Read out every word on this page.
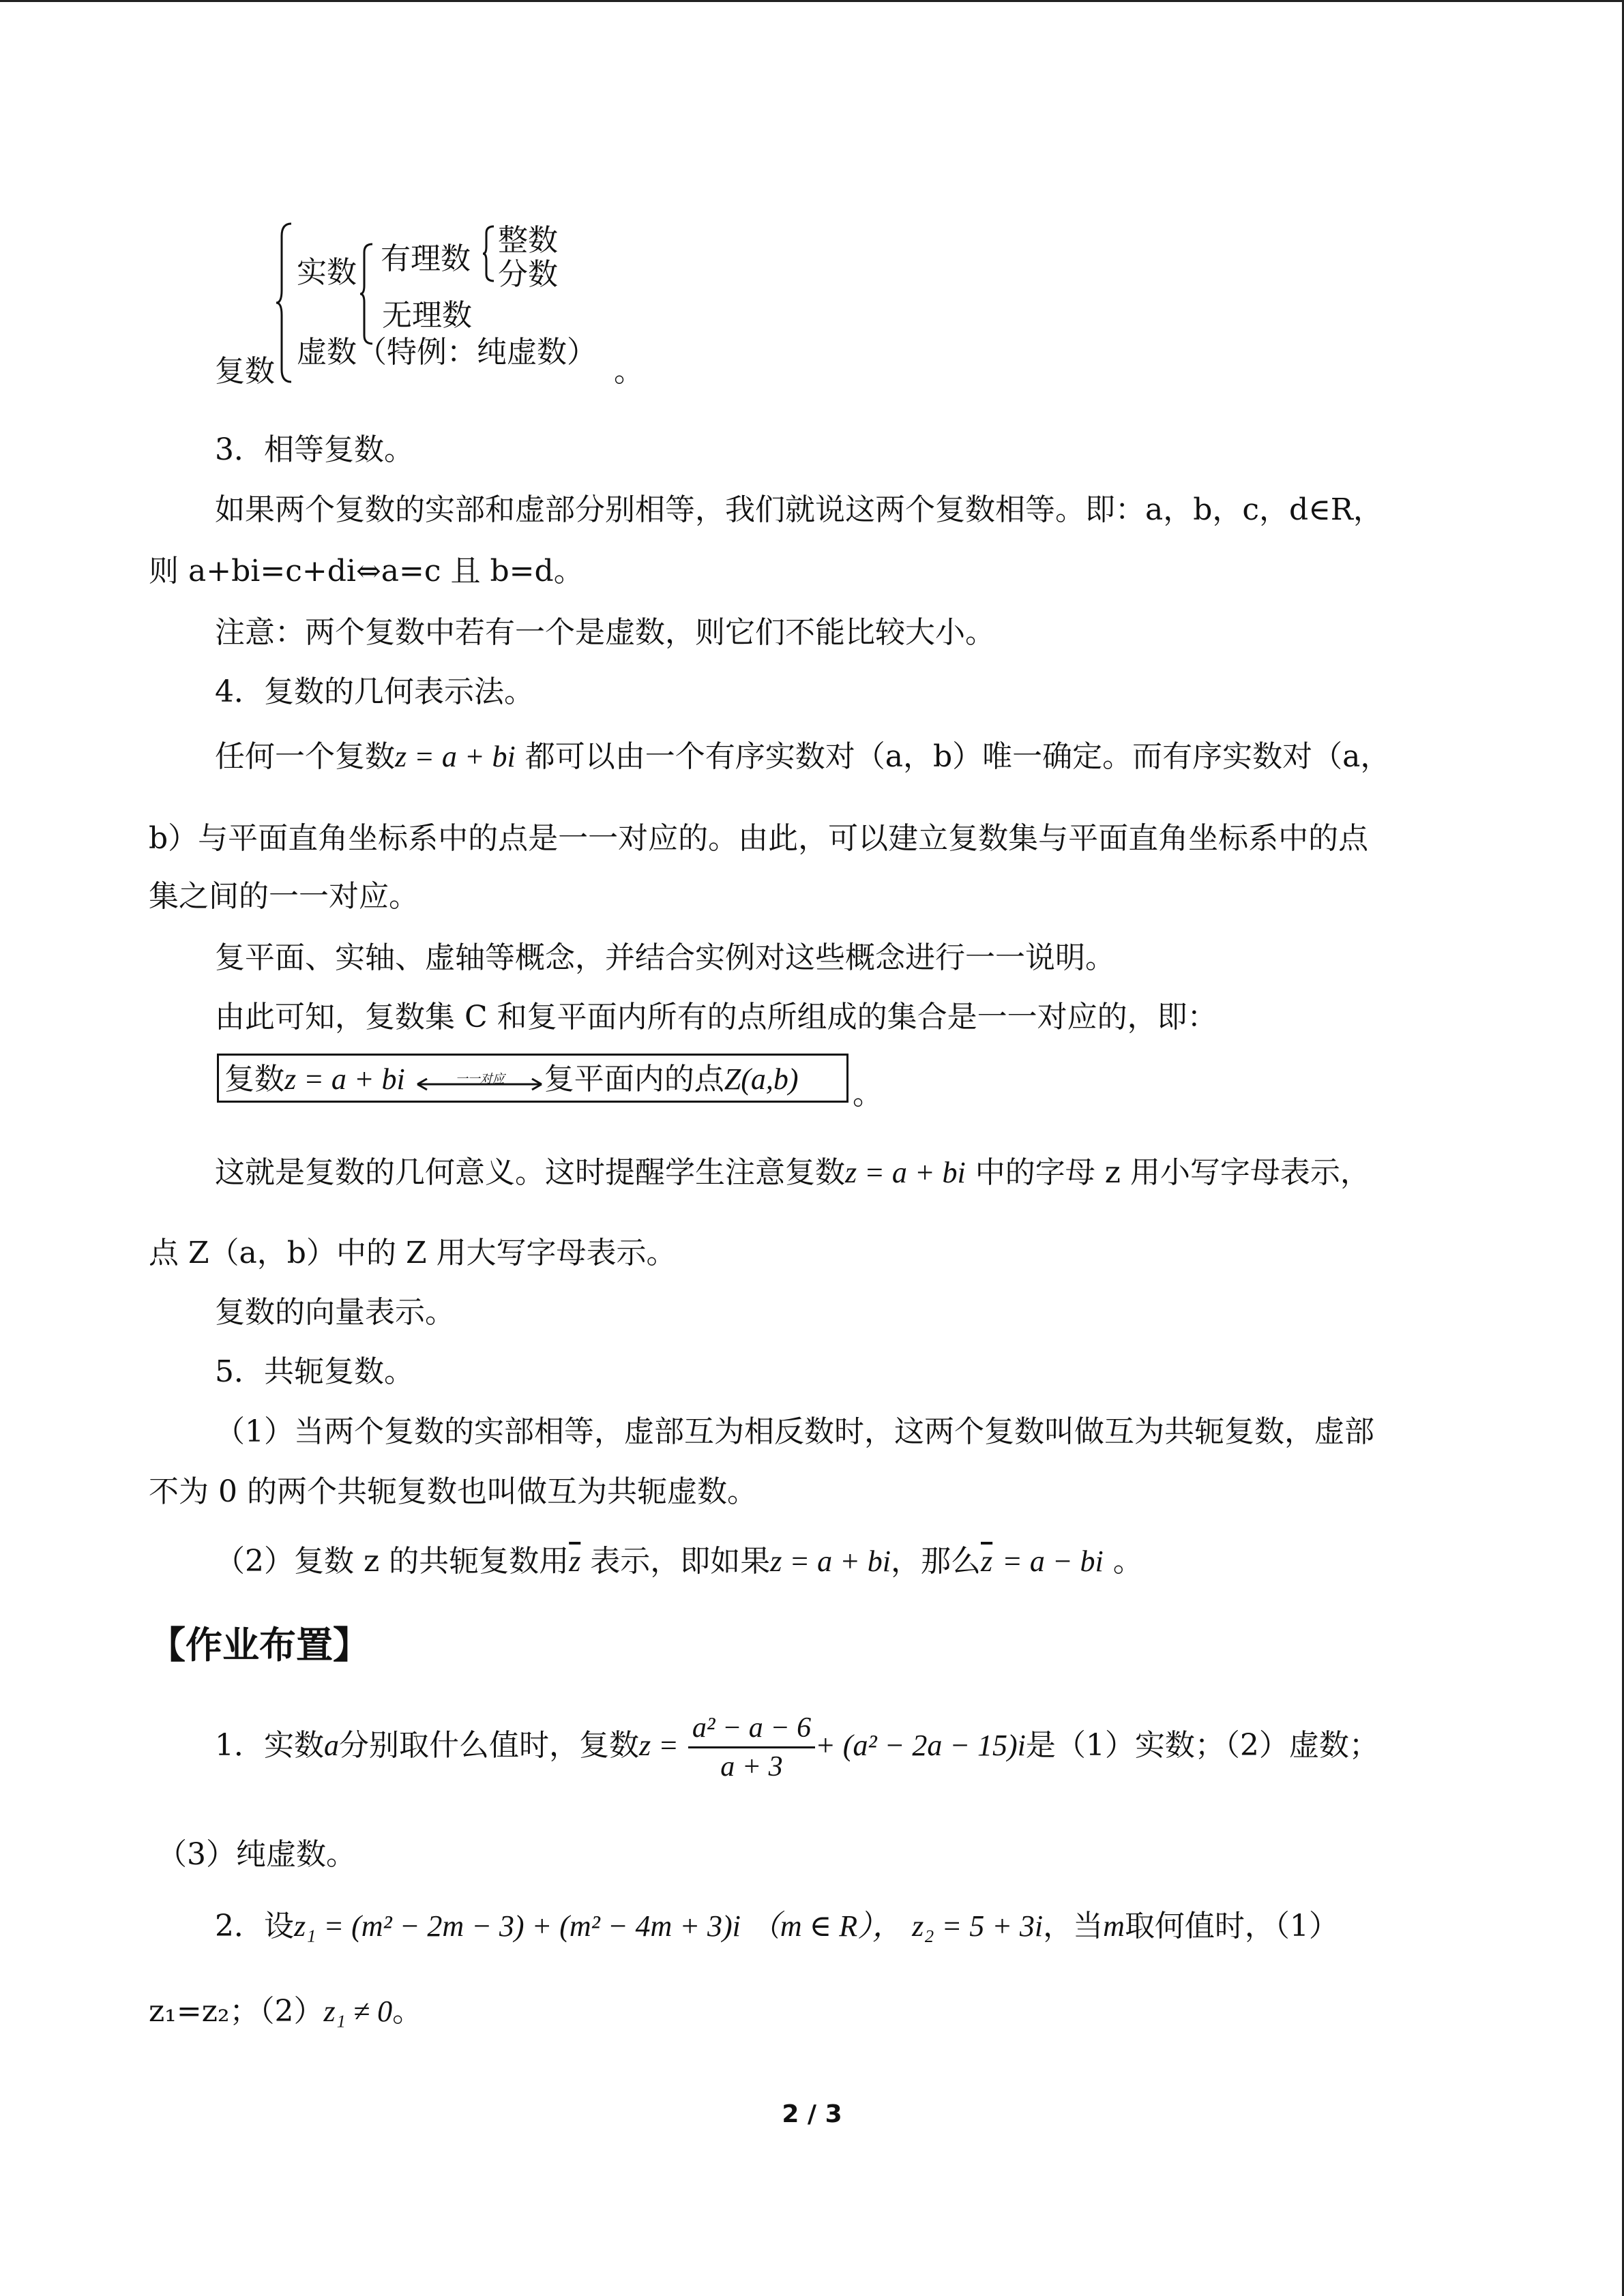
实数 有理数
整数
分数
无理数
虚数（特例：纯虚数）
。
复数
3．相等复数。
如果两个复数的实部和虚部分别相等，我们就说这两个复数相等。即：a，b，c，d∈R，
则 a+bi=c+di⇔a=c 且 b=d。
注意：两个复数中若有一个是虚数，则它们不能比较大小。
4．复数的几何表示法。
任何一个复数z = a + bi 都可以由一个有序实数对（a，b）唯一确定。而有序实数对（a，
b）与平面直角坐标系中的点是一一对应的。由此，可以建立复数集与平面直角坐标系中的点
集之间的一一对应。
复平面、实轴、虚轴等概念，并结合实例对这些概念进行一一说明。
由此可知，复数集 C 和复平面内所有的点所组成的集合是一一对应的，即：
复数z = a + bi	一一对应 复平面内的点Z(a,b)	。
这就是复数的几何意义。这时提醒学生注意复数z = a + bi 中的字母 z 用小写字母表示，
点 Z（a，b）中的 Z 用大写字母表示。
复数的向量表示。
5．共轭复数。
（1）当两个复数的实部相等，虚部互为相反数时，这两个复数叫做互为共轭复数，虚部
不为 0 的两个共轭复数也叫做互为共轭虚数。
（2）复数 z 的共轭复数用$\overline{z}$ 表示，即如果z = a + bi，那么$\overline{z} = a$ − bi 。
【作业布置】
1．实数a分别取什么值时，复数$z = \frac{\text{a² − a − 6}}{a + 3} + (a^2 - 2a - 15)i$是（1）实数；（2）虚数；
（3）纯虚数。
2．设z₁ = (m² − 2m − 3) + (m² − 4m + 3)i （m ∈ R）， z₂ = 5 + 3i，当m取何值时，（1）
z₁=z₂；（2）z₁ ≠ 0。
2 / 3
